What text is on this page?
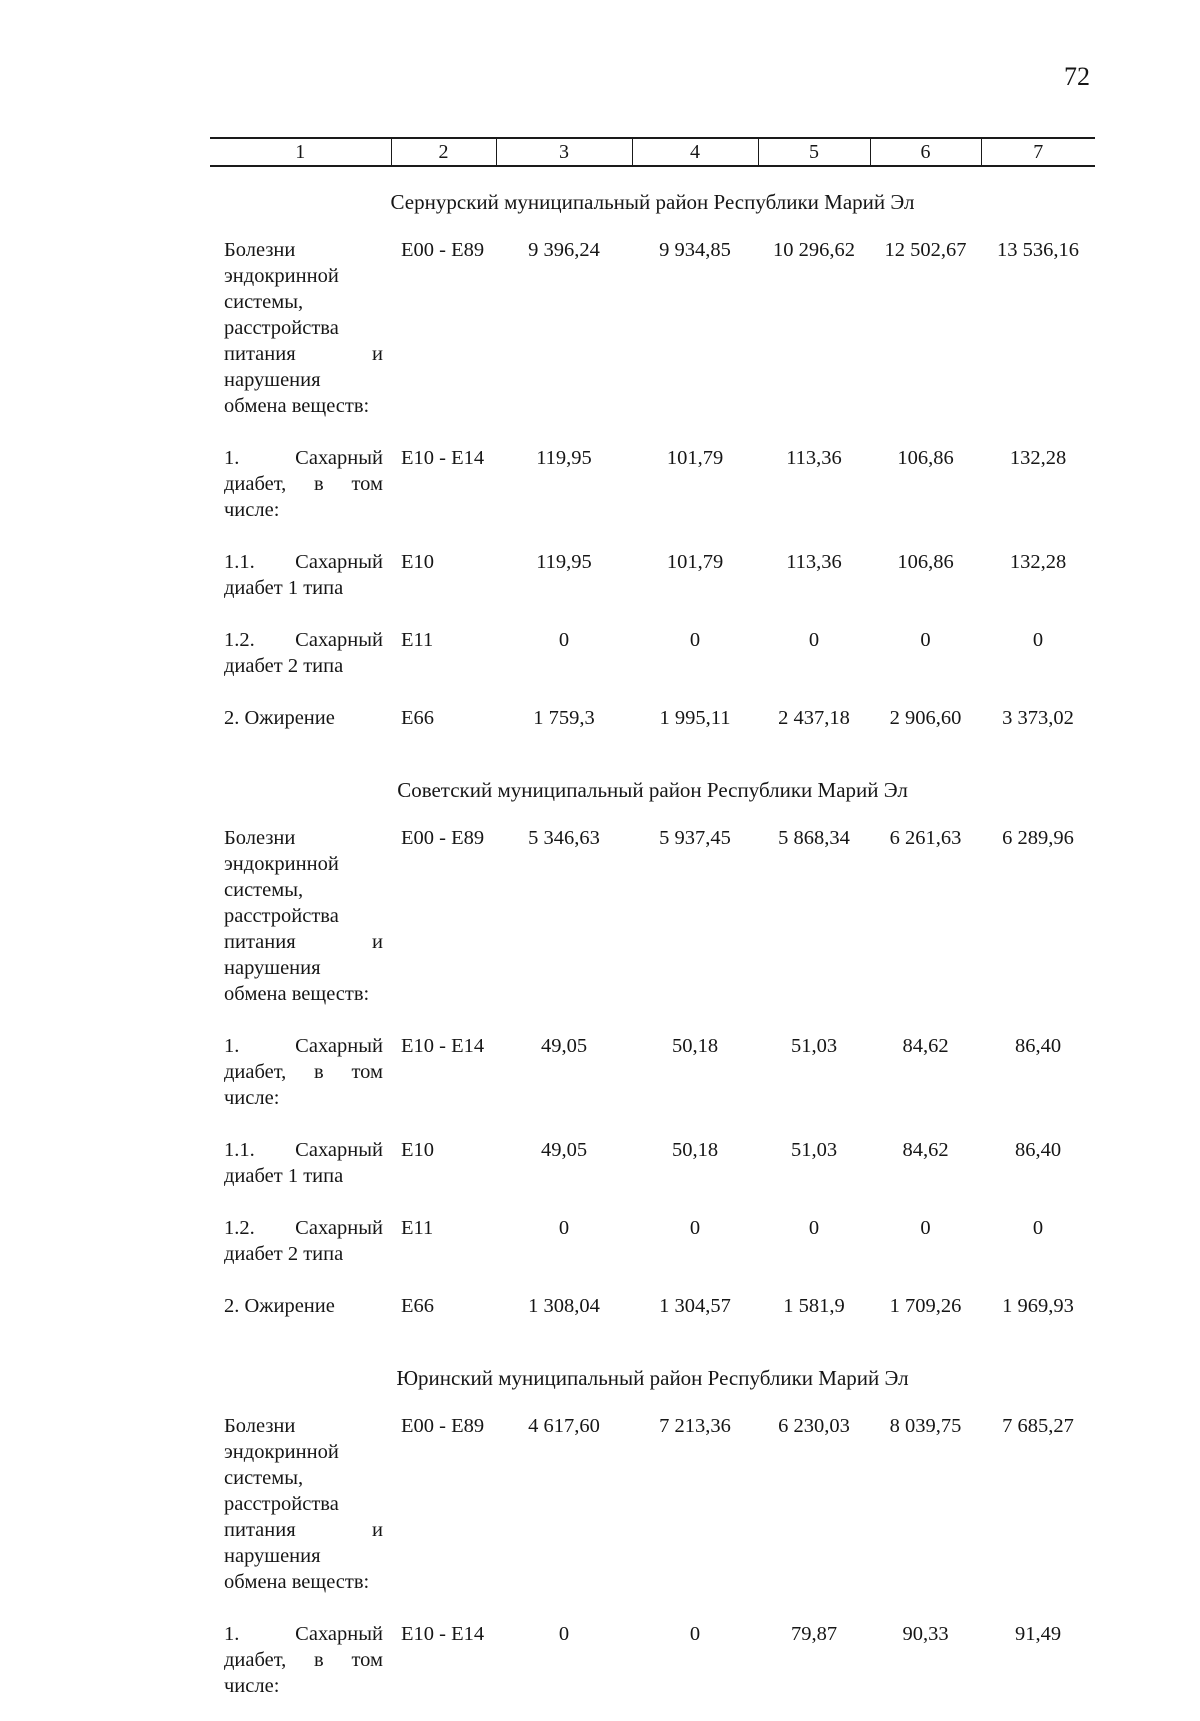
72
1	2	3	4	5	6	7
Сернурский муниципальный район Республики Марий Эл						
Болезни эндокринной системы, расстройства питания и нарушения обмена веществ:	Е00 - Е89	9 396,24	9 934,85	10 296,62	12 502,67	13 536,16
1. Сахарный диабет, в том числе:	Е10 - Е14	119,95	101,79	113,36	106,86	132,28
1.1. Сахарный диабет 1 типа	Е10	119,95	101,79	113,36	106,86	132,28
1.2. Сахарный диабет 2 типа	Е11	0	0	0	0	0
2. Ожирение	Е66	1 759,3	1 995,11	2 437,18	2 906,60	3 373,02
Советский муниципальный район Республики Марий Эл						
Болезни эндокринной системы, расстройства питания и нарушения обмена веществ:	Е00 - Е89	5 346,63	5 937,45	5 868,34	6 261,63	6 289,96
1. Сахарный диабет, в том числе:	Е10 - Е14	49,05	50,18	51,03	84,62	86,40
1.1. Сахарный диабет 1 типа	Е10	49,05	50,18	51,03	84,62	86,40
1.2. Сахарный диабет 2 типа	Е11	0	0	0	0	0
2. Ожирение	Е66	1 308,04	1 304,57	1 581,9	1 709,26	1 969,93
Юринский муниципальный район Республики Марий Эл						
Болезни эндокринной системы, расстройства питания и нарушения обмена веществ:	Е00 - Е89	4 617,60	7 213,36	6 230,03	8 039,75	7 685,27
1. Сахарный диабет, в том числе:	Е10 - Е14	0	0	79,87	90,33	91,49
